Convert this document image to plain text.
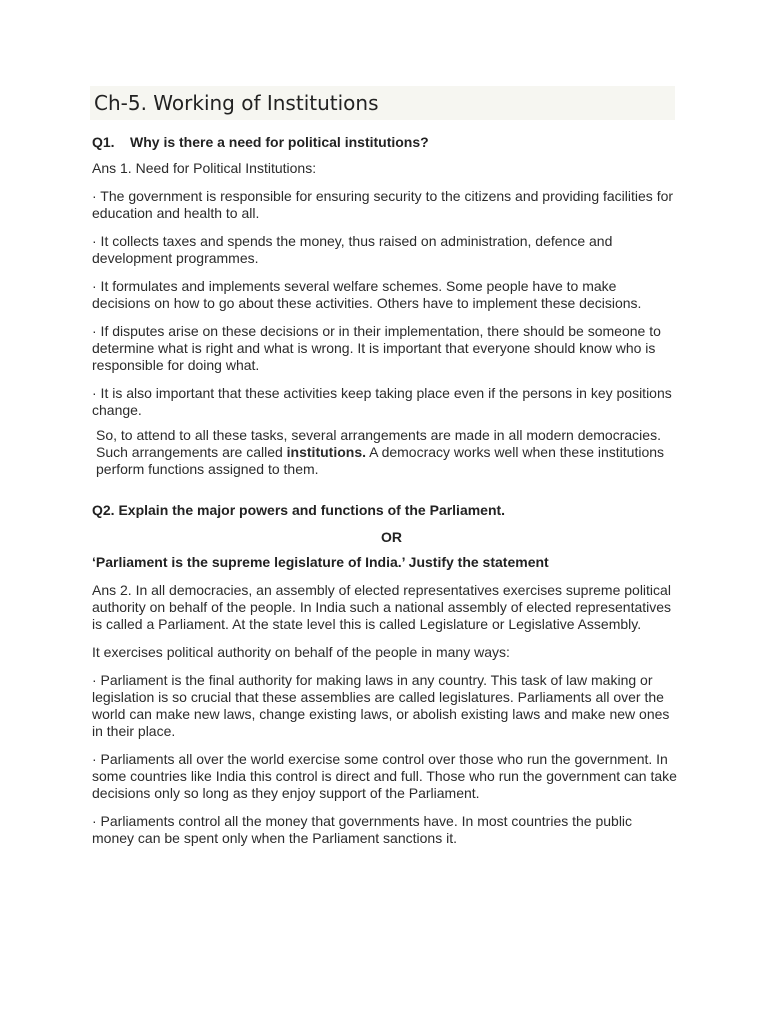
Ch-5. Working of Institutions
Q1. Why is there a need for political institutions?

Ans 1. Need for Political Institutions:

· The government is responsible for ensuring security to the citizens and providing facilities for education and health to all.

· It collects taxes and spends the money, thus raised on administration, defence and development programmes.

· It formulates and implements several welfare schemes. Some people have to make decisions on how to go about these activities. Others have to implement these decisions.

· If disputes arise on these decisions or in their implementation, there should be someone to determine what is right and what is wrong. It is important that everyone should know who is responsible for doing what.

· It is also important that these activities keep taking place even if the persons in key positions change.

So, to attend to all these tasks, several arrangements are made in all modern democracies. Such arrangements are called institutions. A democracy works well when these institutions perform functions assigned to them.

Q2. Explain the major powers and functions of the Parliament.
OR
‘Parliament is the supreme legislature of India.’ Justify the statement

Ans 2. In all democracies, an assembly of elected representatives exercises supreme political authority on behalf of the people. In India such a national assembly of elected representatives is called a Parliament. At the state level this is called Legislature or Legislative Assembly.

It exercises political authority on behalf of the people in many ways:

· Parliament is the final authority for making laws in any country. This task of law making or legislation is so crucial that these assemblies are called legislatures. Parliaments all over the world can make new laws, change existing laws, or abolish existing laws and make new ones in their place.

· Parliaments all over the world exercise some control over those who run the government. In some countries like India this control is direct and full. Those who run the government can take decisions only so long as they enjoy support of the Parliament.

· Parliaments control all the money that governments have. In most countries the public money can be spent only when the Parliament sanctions it.
